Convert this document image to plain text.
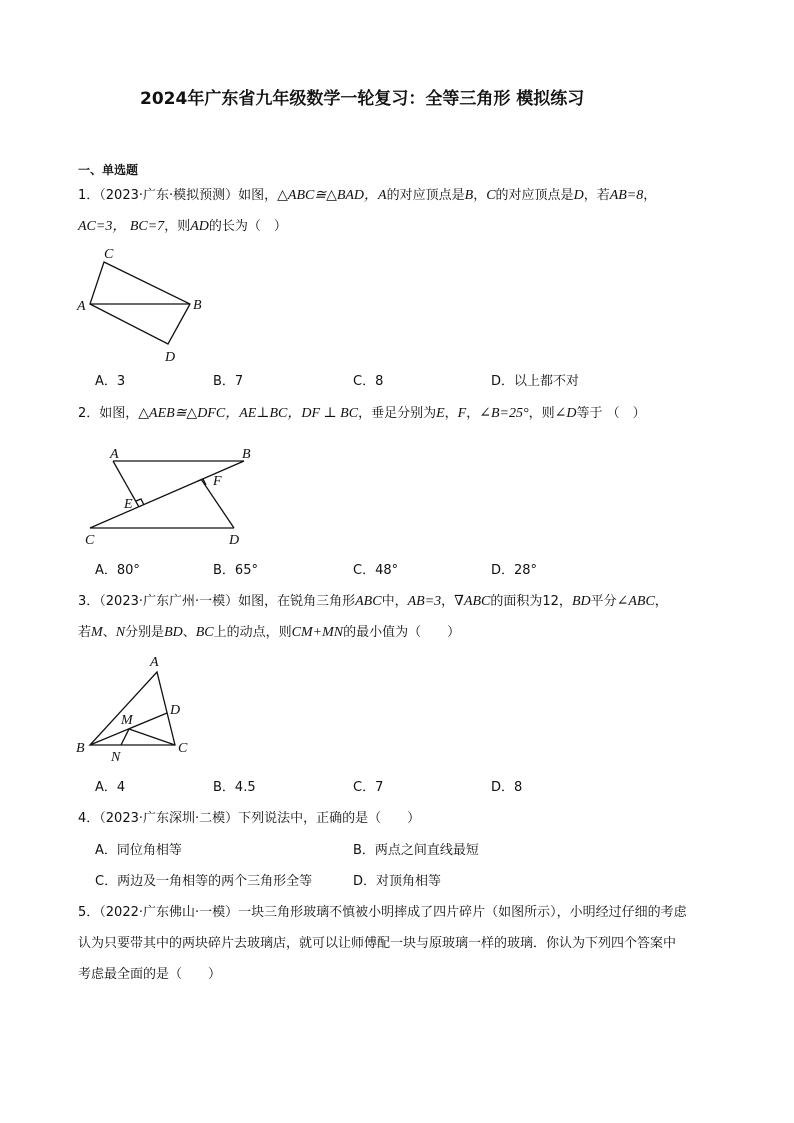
2024年广东省九年级数学一轮复习：全等三角形 模拟练习
一、单选题
1．（2023·广东·模拟预测）如图，△ABC≅△BAD，A的对应顶点是B，C的对应顶点是D，若AB=8，
AC=3， BC=7，则AD的长为（　）
C
A	B
D
A．3	B．7	C．8	D．以上都不对
2．如图，△AEB≅△DFC，AE⊥BC，DF ⊥ BC，垂足分别为E，F，∠B=25°，则∠D等于 （　）
A	B
E
F
C	D
A．80°	B．65°	C．48°	D．28°
3．（2023·广东广州·一模）如图，在锐角三角形ABC中，AB=3，∇ABC的面积为12，BD平分∠ABC，
若M、N分别是BD、BC上的动点，则CM+MN的最小值为（　　）
A
D
M
B
N
C
A．4	B．4.5	C．7	D．8
4．（2023·广东深圳·二模）下列说法中，正确的是（　　）
A．同位角相等	B．两点之间直线最短
C．两边及一角相等的两个三角形全等	D．对顶角相等
5．（2022·广东佛山·一模）一块三角形玻璃不慎被小明摔成了四片碎片（如图所示），小明经过仔细的考虑
认为只要带其中的两块碎片去玻璃店，就可以让师傅配一块与原玻璃一样的玻璃．你认为下列四个答案中
考虑最全面的是（　　）
